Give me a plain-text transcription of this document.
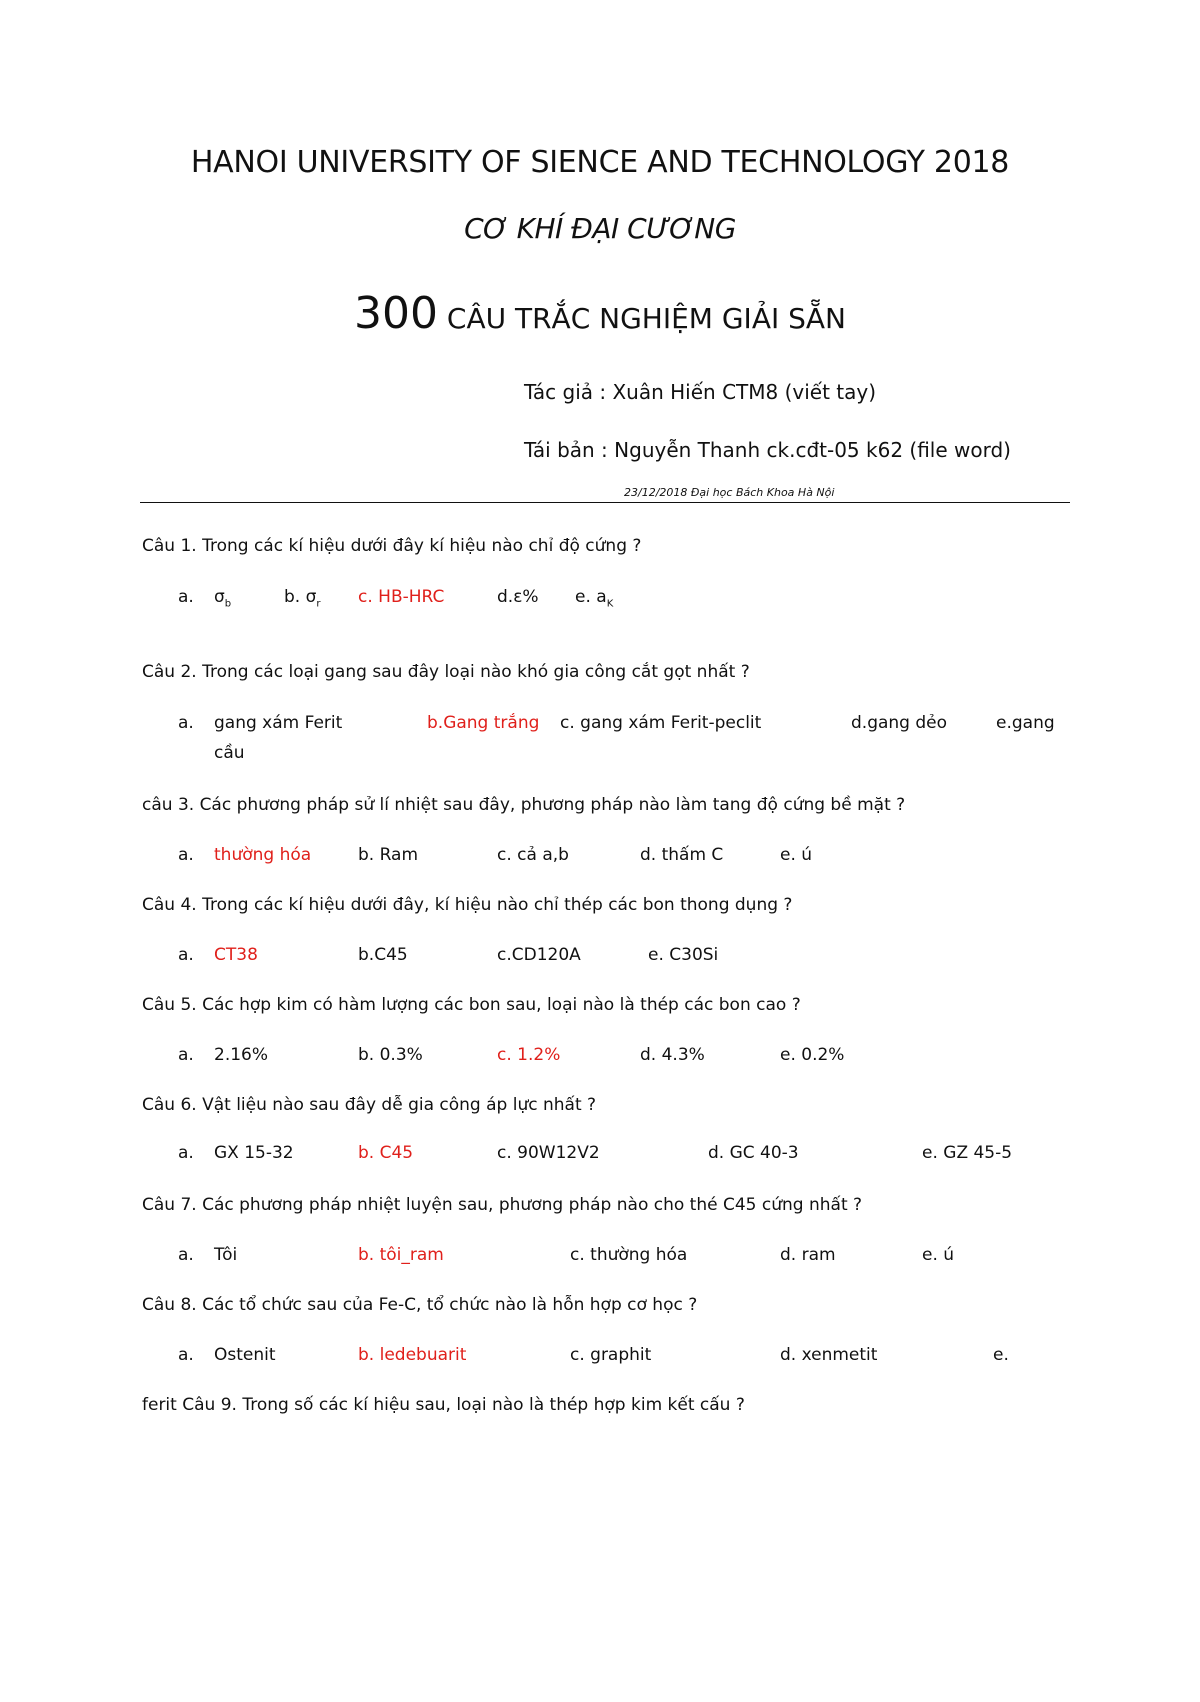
HANOI UNIVERSITY OF SIENCE AND TECHNOLOGY 2018
CƠ KHÍ ĐẠI CƯƠNG
300 CÂU TRẮC NGHIỆM GIẢI SẴN
Tác giả : Xuân Hiến CTM8 (viết tay)
Tái bản : Nguyễn Thanh ck.cđt-05 k62 (file word)
23/12/2018 Đại học Bách Khoa Hà Nội
Câu 1. Trong các kí hiệu dưới đây kí hiệu nào chỉ độ cứng ?
a. $\sigma_b$	b. $\sigma_r$ c. HB-HRC	d.ε% e. $a_K$
Câu 2. Trong các loại gang sau đây loại nào khó gia công cắt gọt nhất ?
a. gang xám Ferit	b.Gang trắng c. gang xám Ferit-peclit	d.gang dẻo	e.gang
cầu
câu 3. Các phương pháp sử lí nhiệt sau đây, phương pháp nào làm tang độ cứng bề mặt ?
a. thường hóa	b. Ram	c. cả a,b	d. thấm C	e. ú
Câu 4. Trong các kí hiệu dưới đây, kí hiệu nào chỉ thép các bon thong dụng ?
a. CT38	b.C45	c.CD120A	e. C30Si
Câu 5. Các hợp kim có hàm lượng các bon sau, loại nào là thép các bon cao ?
a. 2.16%	b. 0.3%	c. 1.2%	d. 4.3%	e. 0.2%
Câu 6. Vật liệu nào sau đây dễ gia công áp lực nhất ?
a. GX 15-32	b. C45	c. 90W12V2	d. GC 40-3	e. GZ 45-5
Câu 7. Các phương pháp nhiệt luyện sau, phương pháp nào cho thé C45 cứng nhất ?
a. Tôi	b. tôi_ram	c. thường hóa	d. ram	e. ú
Câu 8. Các tổ chức sau của Fe-C, tổ chức nào là hỗn hợp cơ học ?
a. Ostenit	b. ledebuarit	c. graphit	d. xenmetit	e.
ferit Câu 9. Trong số các kí hiệu sau, loại nào là thép hợp kim kết cấu ?
